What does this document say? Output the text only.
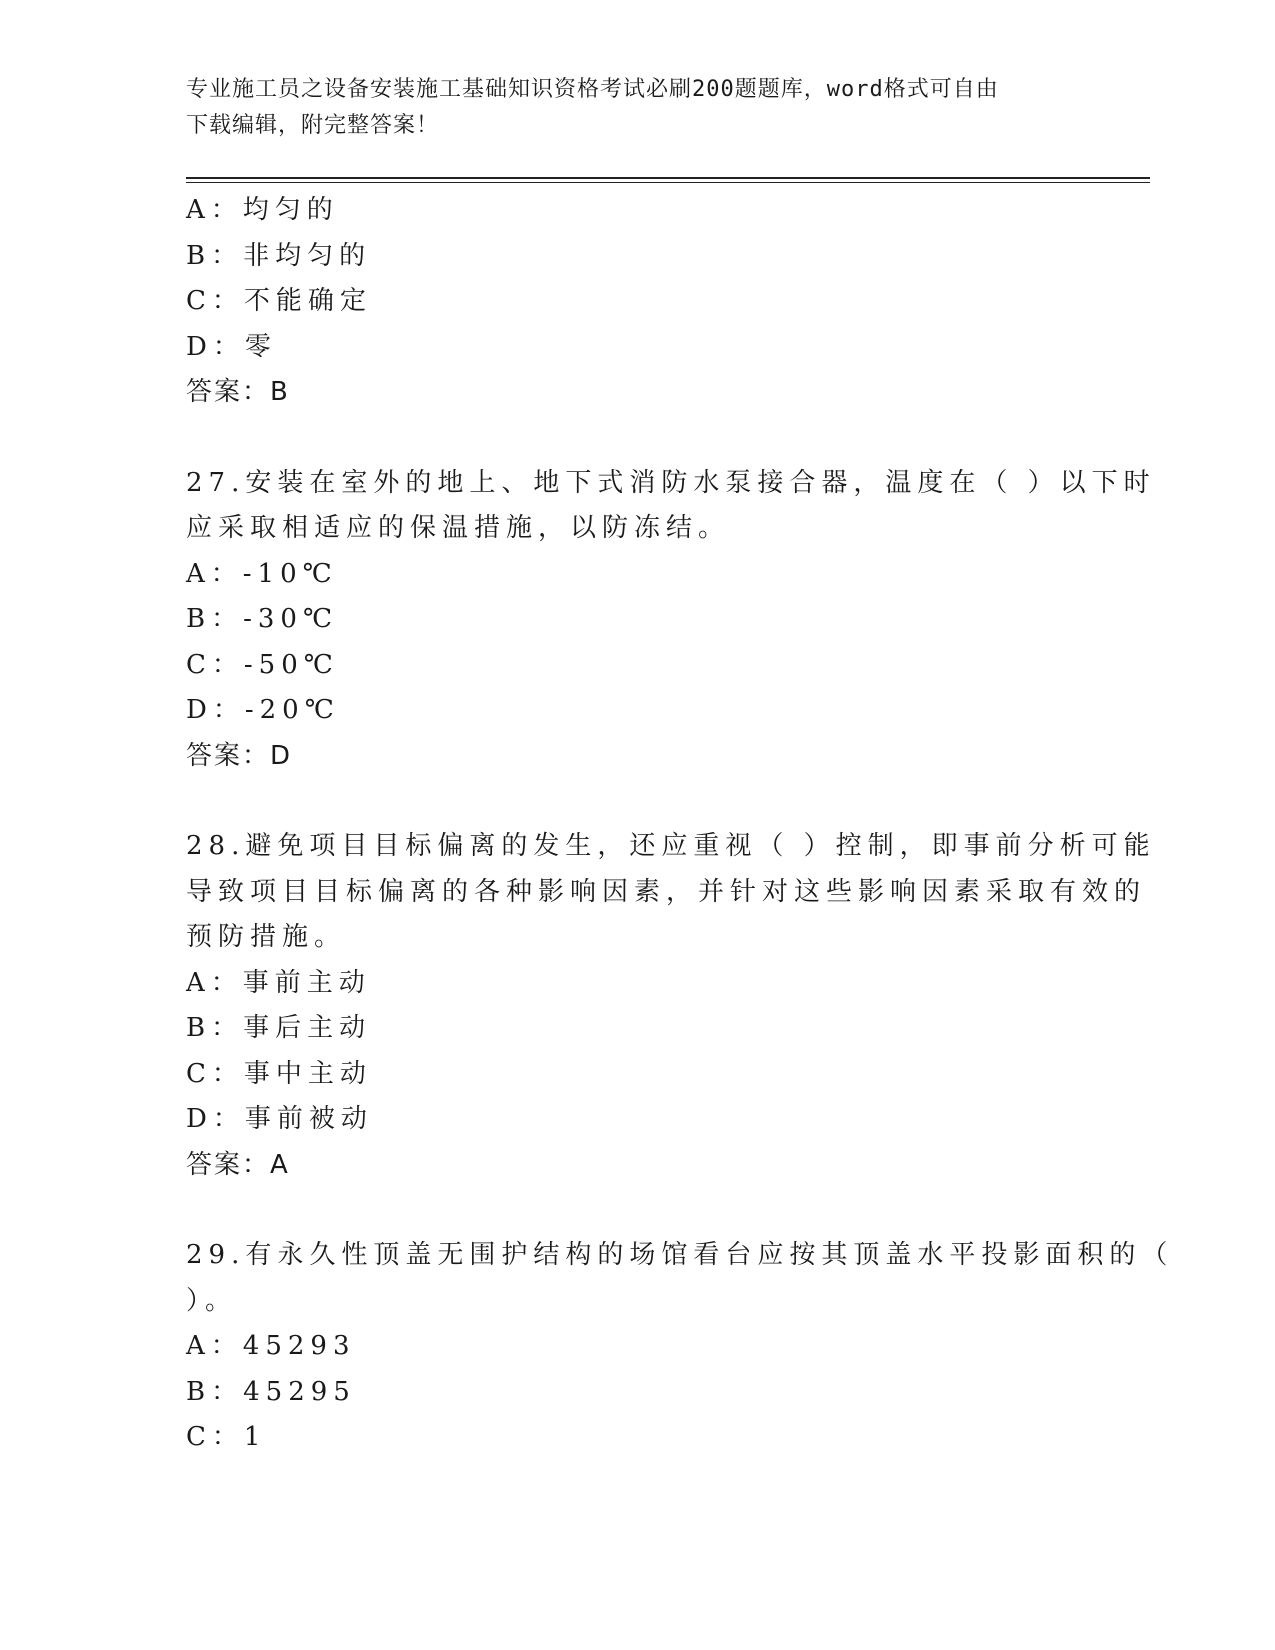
专业施工员之设备安装施工基础知识资格考试必刷200题题库，word格式可自由
下载编辑，附完整答案！
A：均匀的
B：非均匀的
C：不能确定
D：零
答案：B
27.安装在室外的地上、地下式消防水泵接合器，温度在（ ）以下时
应采取相适应的保温措施，以防冻结。
A：-10℃
B：-30℃
C：-50℃
D：-20℃
答案：D
28.避免项目目标偏离的发生，还应重视（ ）控制，即事前分析可能
导致项目目标偏离的各种影响因素，并针对这些影响因素采取有效的
预防措施。
A：事前主动
B：事后主动
C：事中主动
D：事前被动
答案：A
29.有永久性顶盖无围护结构的场馆看台应按其顶盖水平投影面积的（
）。
A：45293
B：45295
C：1
